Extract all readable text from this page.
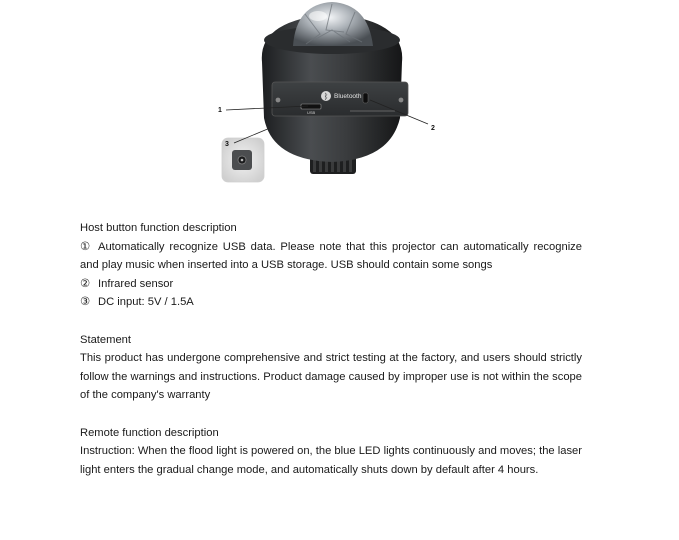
USB
ᛒ Bluetooth
1
2
3

Host button function description

① Automatically recognize USB data. Please note that this projector can automatically recognize and play music when inserted into a USB storage. USB should contain some songs

② Infrared sensor

③ DC input: 5V / 1.5A

Statement

This product has undergone comprehensive and strict testing at the factory, and users should strictly follow the warnings and instructions. Product damage caused by improper use is not within the scope of the company's warranty

Remote function description

Instruction: When the flood light is powered on, the blue LED lights continuously and moves; the laser light enters the gradual change mode, and automatically shuts down by default after 4 hours.
